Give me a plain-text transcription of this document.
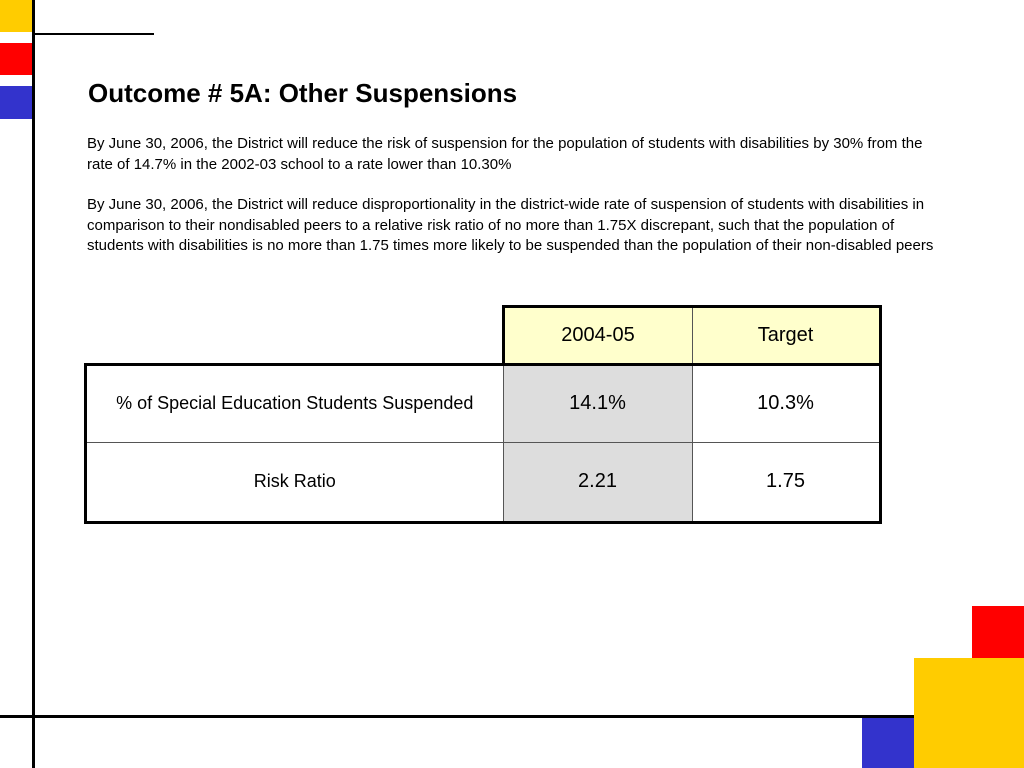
Outcome # 5A: Other Suspensions

By June 30, 2006, the District will reduce the risk of suspension for the population of students with disabilities by 30% from the rate of 14.7% in the 2002-03 school to a rate lower than 10.30%

By June 30, 2006, the District will reduce disproportionality in the district-wide rate of suspension of students with disabilities in comparison to their nondisabled peers to a relative risk ratio of no more than 1.75X discrepant, such that the population of students with disabilities is no more than 1.75 times more likely to be suspended than the population of their non-disabled peers

	2004-05	Target
% of Special Education Students Suspended	14.1%	10.3%
Risk Ratio	2.21	1.75
